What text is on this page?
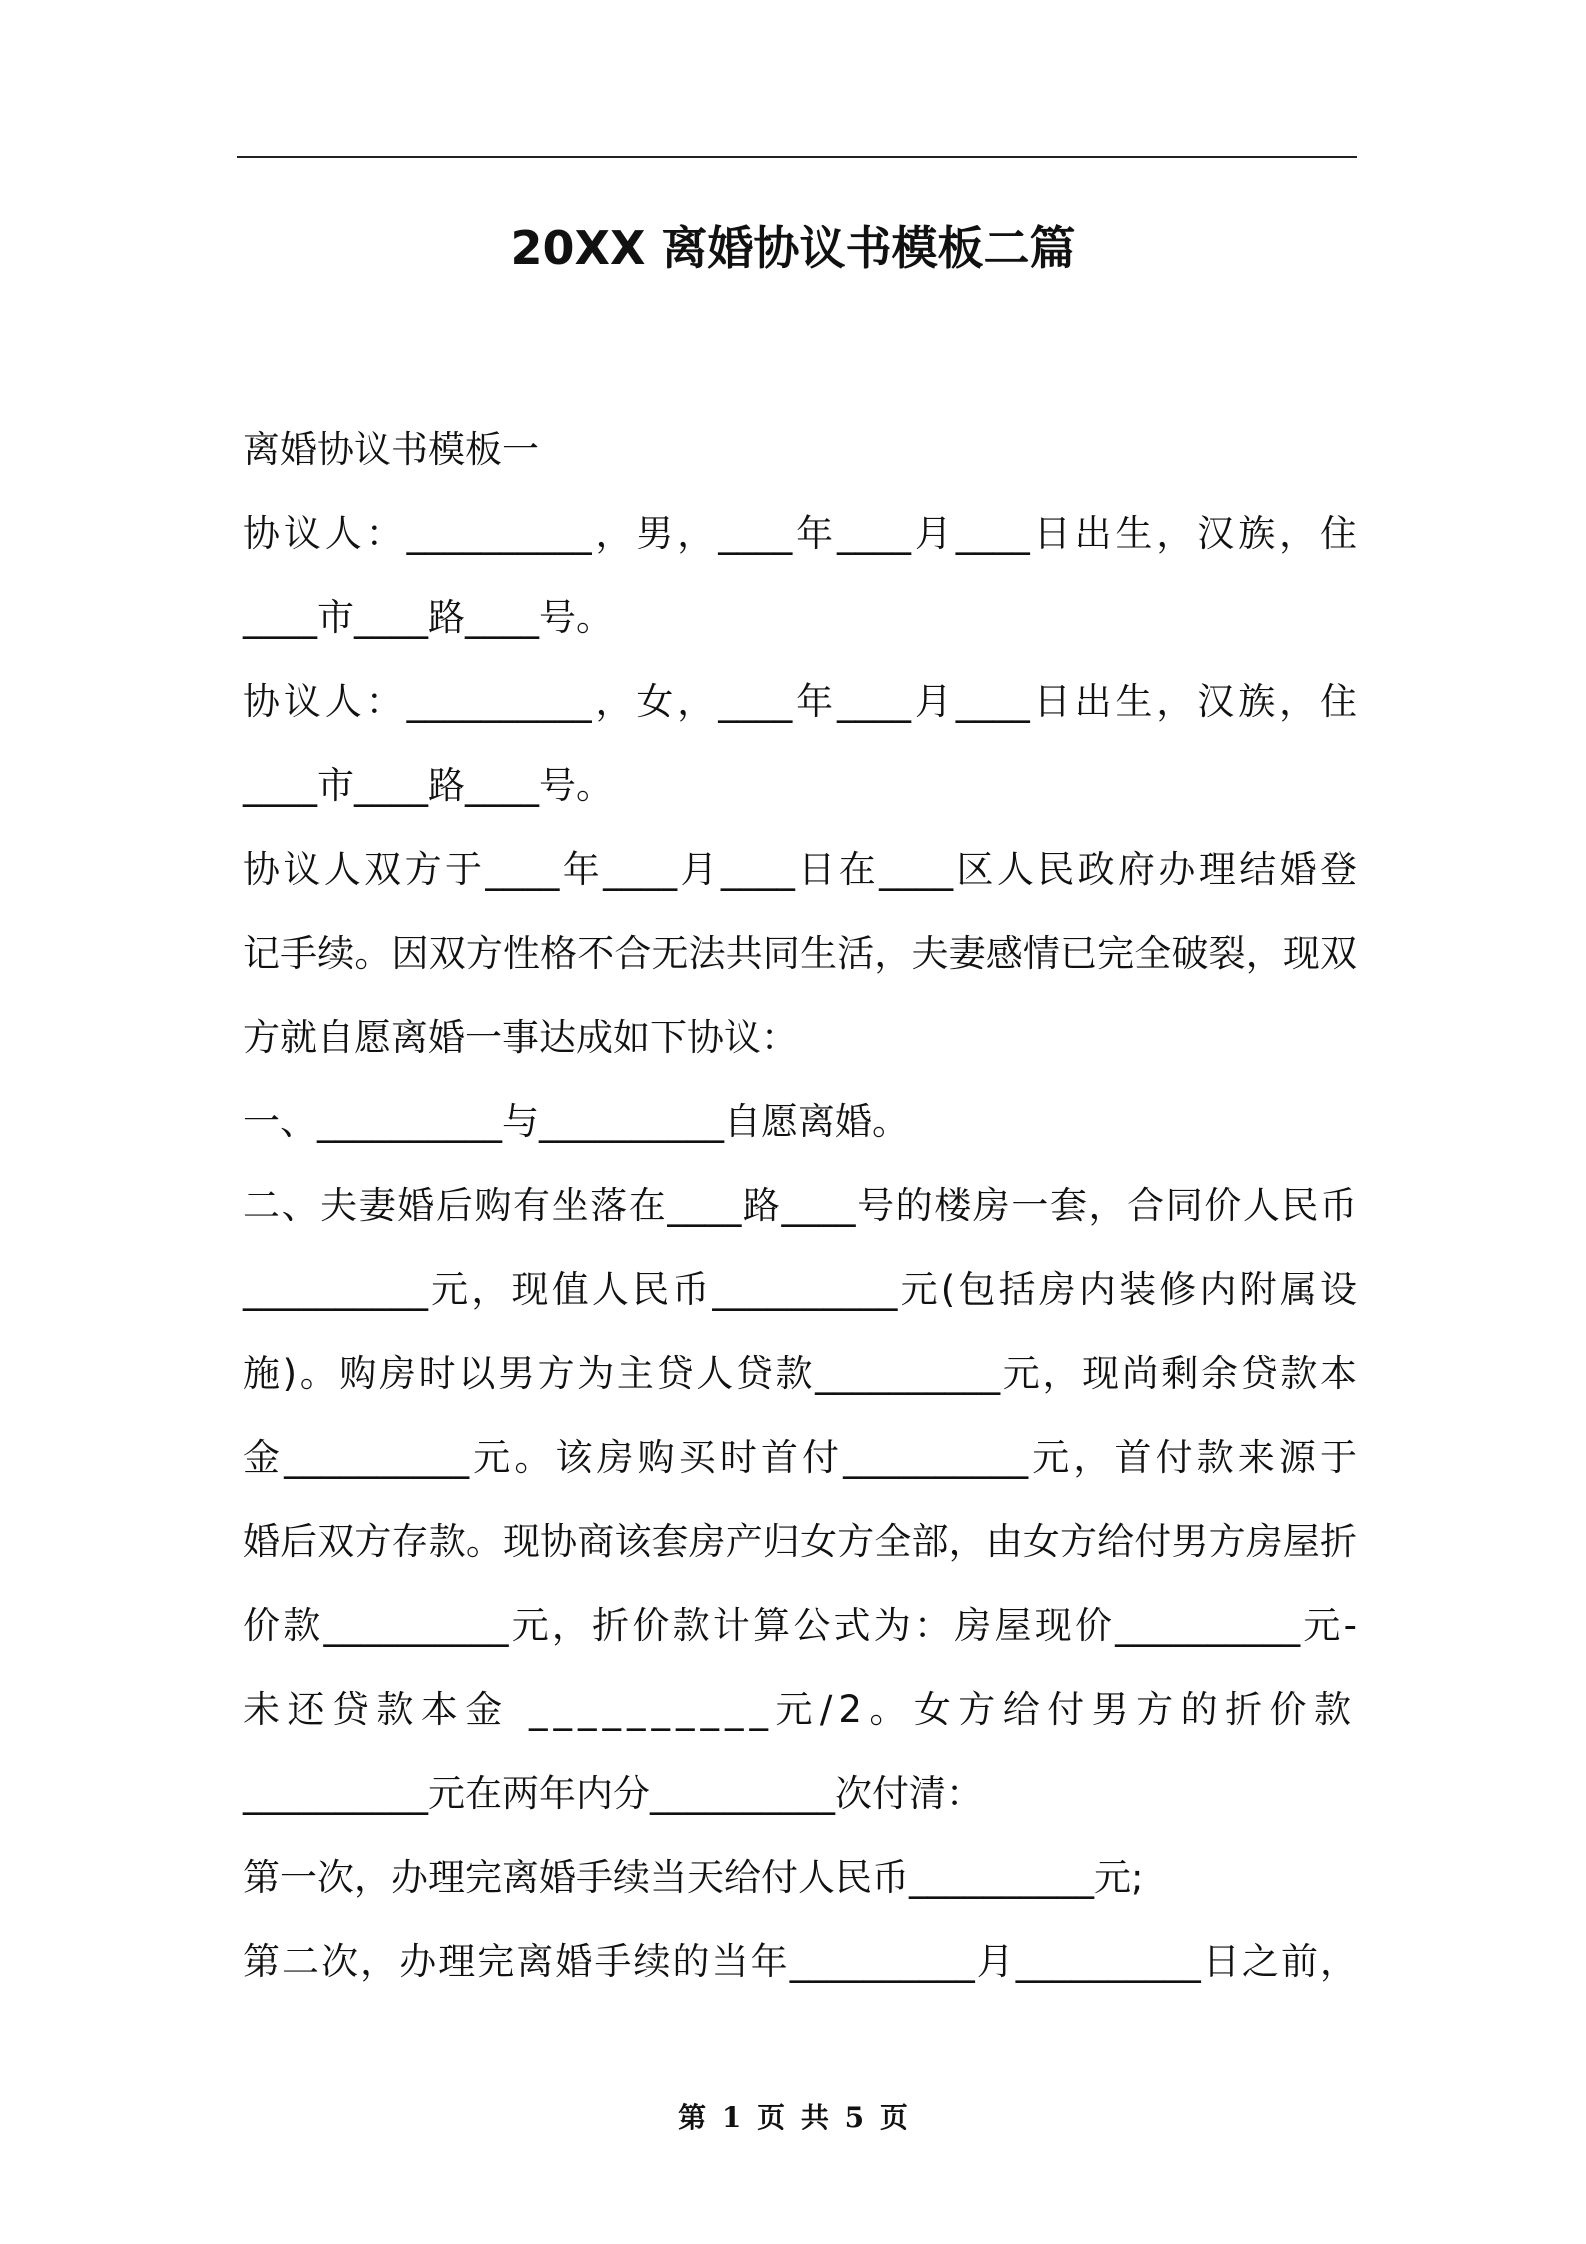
20XX 离婚协议书模板二篇
离婚协议书模板一
协议人：__________，男，____年____月____日出生，汉族，住
____市____路____号。
协议人：__________，女，____年____月____日出生，汉族，住
____市____路____号。
协议人双方于____年____月____日在____区人民政府办理结婚登
记手续。因双方性格不合无法共同生活，夫妻感情已完全破裂，现双
方就自愿离婚一事达成如下协议：
一、__________与__________自愿离婚。
二、夫妻婚后购有坐落在____路____号的楼房一套，合同价人民币
__________元，现值人民币__________元(包括房内装修内附属设
施)。购房时以男方为主贷人贷款__________元，现尚剩余贷款本
金__________元。该房购买时首付__________元，首付款来源于
婚后双方存款。现协商该套房产归女方全部，由女方给付男方房屋折
价款__________元，折价款计算公式为：房屋现价__________元-
未还贷款本金 __________元/2。女方给付男方的折价款
__________元在两年内分__________次付清：
第一次，办理完离婚手续当天给付人民币__________元;
第二次，办理完离婚手续的当年__________月__________日之前，
第 1 页 共 5 页
